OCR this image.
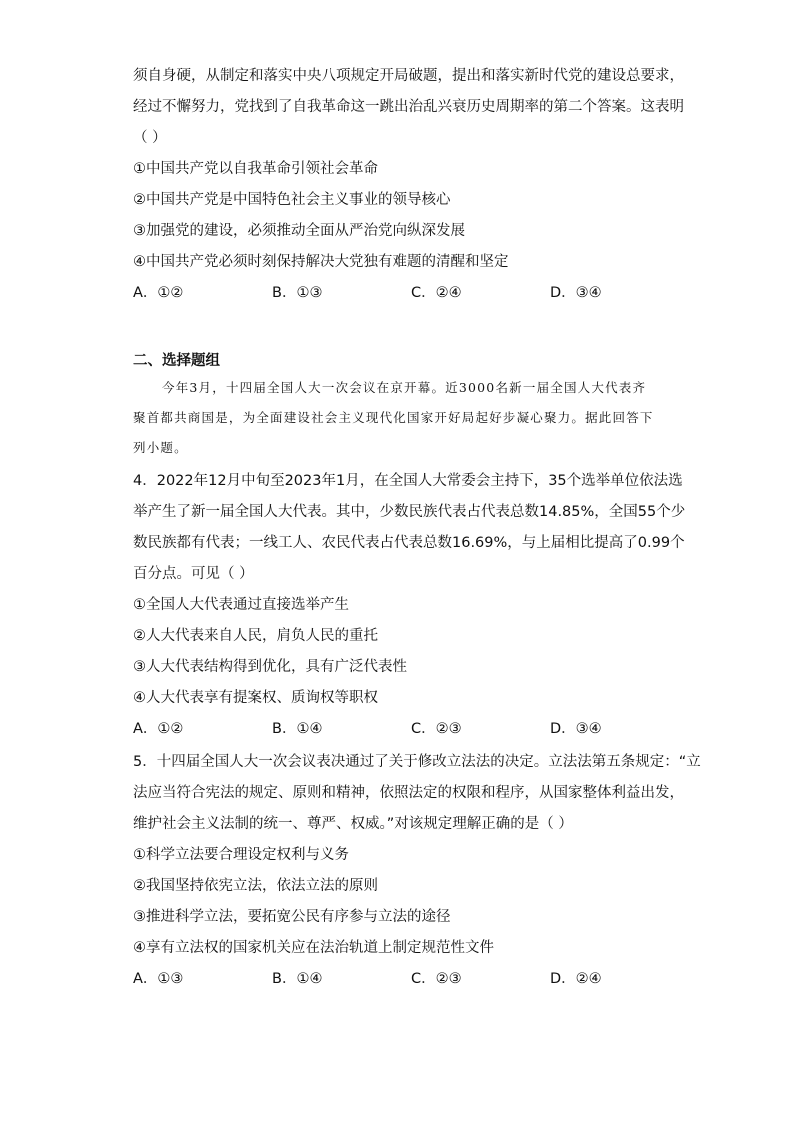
须自身硬，从制定和落实中央八项规定开局破题，提出和落实新时代党的建设总要求，
经过不懈努力，党找到了自我革命这一跳出治乱兴衰历史周期率的第二个答案。这表明
（ ）
①中国共产党以自我革命引领社会革命
②中国共产党是中国特色社会主义事业的领导核心
③加强党的建设，必须推动全面从严治党向纵深发展
④中国共产党必须时刻保持解决大党独有难题的清醒和坚定
A．①②	B．①③	C．②④	D．③④
二、选择题组
今年3月，十四届全国人大一次会议在京开幕。近3000名新一届全国人大代表齐
聚首都共商国是，为全面建设社会主义现代化国家开好局起好步凝心聚力。据此回答下
列小题。
4．2022年12月中旬至2023年1月，在全国人大常委会主持下，35个选举单位依法选
举产生了新一届全国人大代表。其中，少数民族代表占代表总数14.85%，全国55个少
数民族都有代表；一线工人、农民代表占代表总数16.69%，与上届相比提高了0.99个
百分点。可见（ ）
①全国人大代表通过直接选举产生
②人大代表来自人民，肩负人民的重托
③人大代表结构得到优化，具有广泛代表性
④人大代表享有提案权、质询权等职权
A．①②	B．①④	C．②③	D．③④
5．十四届全国人大一次会议表决通过了关于修改立法法的决定。立法法第五条规定：“立
法应当符合宪法的规定、原则和精神，依照法定的权限和程序，从国家整体利益出发，
维护社会主义法制的统一、尊严、权威。”对该规定理解正确的是（ ）
①科学立法要合理设定权利与义务
②我国坚持依宪立法，依法立法的原则
③推进科学立法，要拓宽公民有序参与立法的途径
④享有立法权的国家机关应在法治轨道上制定规范性文件
A．①③	B．①④	C．②③	D．②④
